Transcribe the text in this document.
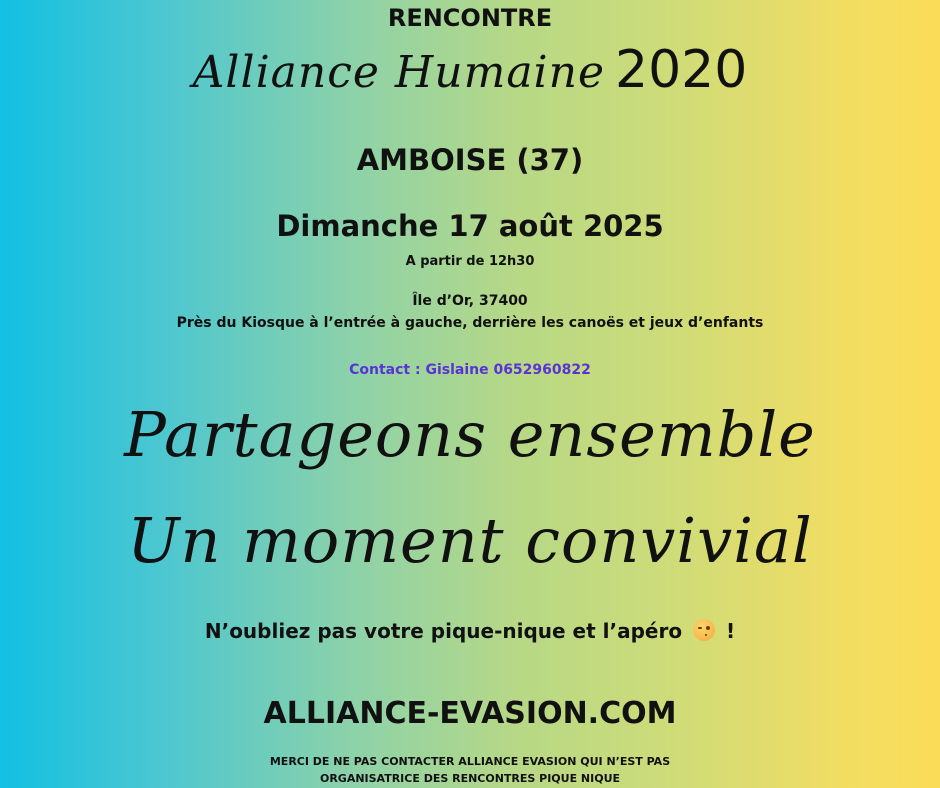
RENCONTRE
Alliance Humaine 2020
AMBOISE (37)
Dimanche 17 août 2025
A partir de 12h30
Île d’Or, 37400
Près du Kiosque à l’entrée à gauche, derrière les canoës et jeux d’enfants
Contact : Gislaine 0652960822
Partageons ensemble
Un moment convivial
N’oubliez pas votre pique-nique et l’apéro !
ALLIANCE-EVASION.COM
MERCI DE NE PAS CONTACTER ALLIANCE EVASION QUI N’EST PAS
ORGANISATRICE DES RENCONTRES PIQUE NIQUE
